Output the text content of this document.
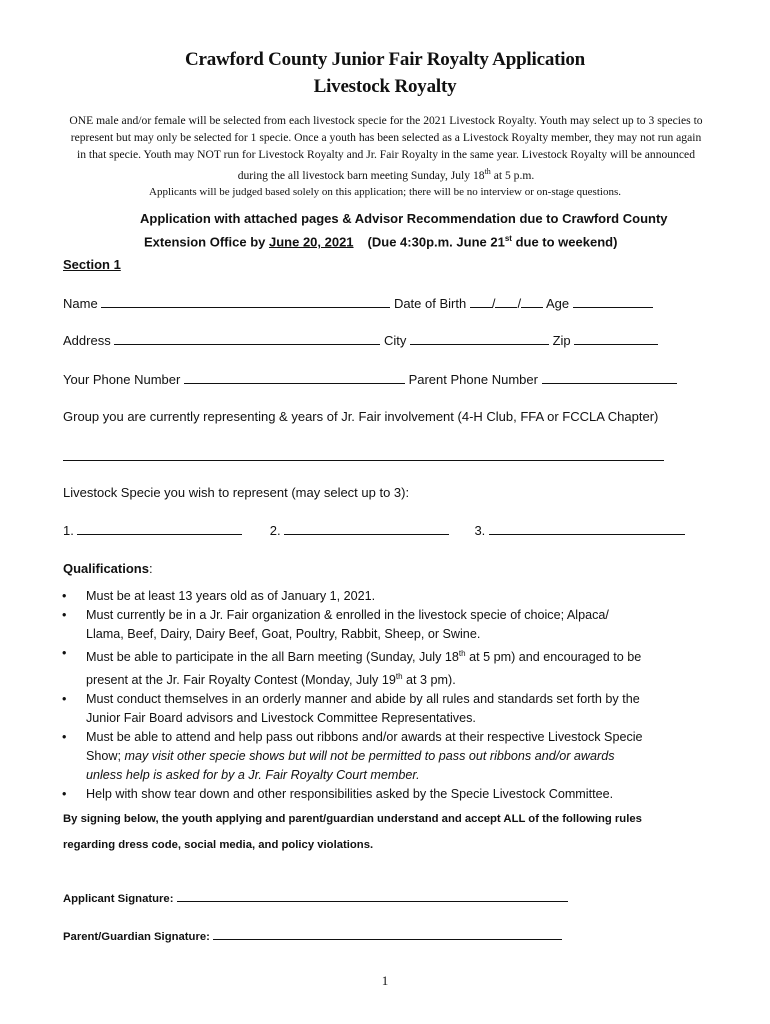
Crawford County Junior Fair Royalty Application
Livestock Royalty
ONE male and/or female will be selected from each livestock specie for the 2021 Livestock Royalty. Youth may select up to 3 species to represent but may only be selected for 1 specie. Once a youth has been selected as a Livestock Royalty member, they may not run again in that specie. Youth may NOT run for Livestock Royalty and Jr. Fair Royalty in the same year. Livestock Royalty will be announced during the all livestock barn meeting Sunday, July 18th at 5 p.m.
Applicants will be judged based solely on this application; there will be no interview or on-stage questions.
Application with attached pages & Advisor Recommendation due to Crawford County
Extension Office by June 20, 2021 (Due 4:30p.m. June 21st due to weekend)
Section 1
Name	Date of Birth / / Age
Address	City	Zip
Your Phone Number	Parent Phone Number
Group you are currently representing & years of Jr. Fair involvement (4-H Club, FFA or FCCLA Chapter)
Livestock Specie you wish to represent (may select up to 3):
1.	2.	3.
Qualifications:
• Must be at least 13 years old as of January 1, 2021.
• Must currently be in a Jr. Fair organization & enrolled in the livestock specie of choice; Alpaca/
Llama, Beef, Dairy, Dairy Beef, Goat, Poultry, Rabbit, Sheep, or Swine.
• Must be able to participate in the all Barn meeting (Sunday, July 18th at 5 pm) and encouraged to be
present at the Jr. Fair Royalty Contest (Monday, July 19th at 3 pm).
• Must conduct themselves in an orderly manner and abide by all rules and standards set forth by the
Junior Fair Board advisors and Livestock Committee Representatives.
• Must be able to attend and help pass out ribbons and/or awards at their respective Livestock Specie
Show; may visit other specie shows but will not be permitted to pass out ribbons and/or awards
unless help is asked for by a Jr. Fair Royalty Court member.
• Help with show tear down and other responsibilities asked by the Specie Livestock Committee.
By signing below, the youth applying and parent/guardian understand and accept ALL of the following rules
regarding dress code, social media, and policy violations.
Applicant Signature:
Parent/Guardian Signature:
1
